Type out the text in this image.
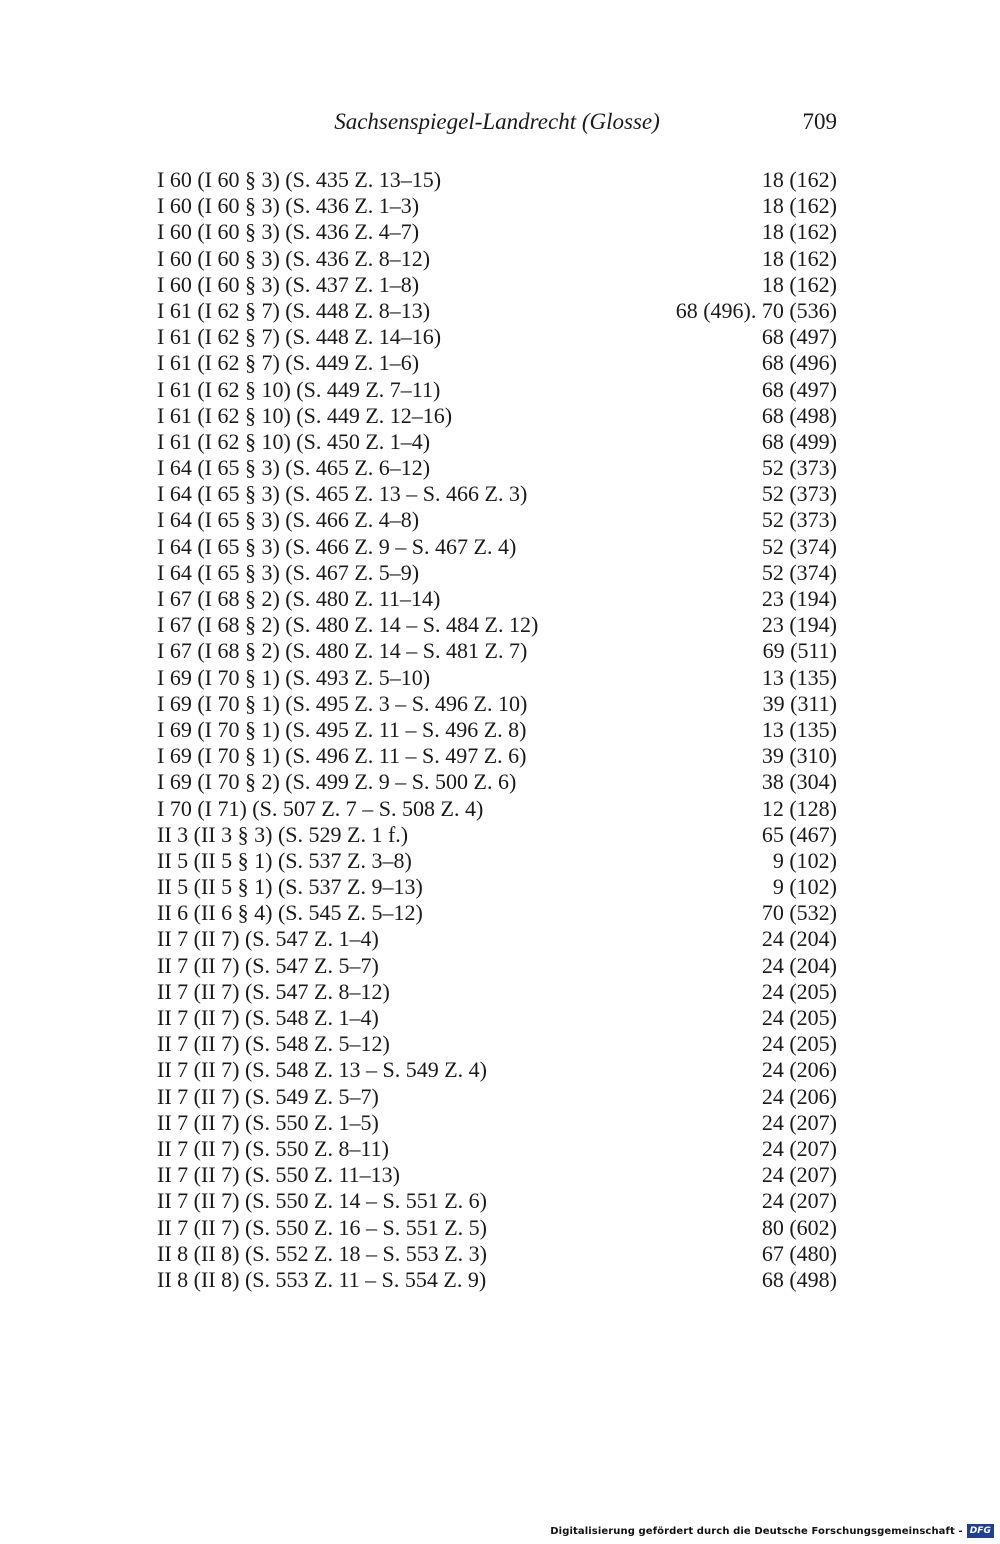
Sachsenspiegel-Landrecht (Glosse)	709
I 60 (I 60 § 3) (S. 435 Z. 13–15)	18 (162)
I 60 (I 60 § 3) (S. 436 Z. 1–3)	18 (162)
I 60 (I 60 § 3) (S. 436 Z. 4–7)	18 (162)
I 60 (I 60 § 3) (S. 436 Z. 8–12)	18 (162)
I 60 (I 60 § 3) (S. 437 Z. 1–8)	18 (162)
I 61 (I 62 § 7) (S. 448 Z. 8–13)	68 (496). 70 (536)
I 61 (I 62 § 7) (S. 448 Z. 14–16)	68 (497)
I 61 (I 62 § 7) (S. 449 Z. 1–6)	68 (496)
I 61 (I 62 § 10) (S. 449 Z. 7–11)	68 (497)
I 61 (I 62 § 10) (S. 449 Z. 12–16)	68 (498)
I 61 (I 62 § 10) (S. 450 Z. 1–4)	68 (499)
I 64 (I 65 § 3) (S. 465 Z. 6–12)	52 (373)
I 64 (I 65 § 3) (S. 465 Z. 13 – S. 466 Z. 3)	52 (373)
I 64 (I 65 § 3) (S. 466 Z. 4–8)	52 (373)
I 64 (I 65 § 3) (S. 466 Z. 9 – S. 467 Z. 4)	52 (374)
I 64 (I 65 § 3) (S. 467 Z. 5–9)	52 (374)
I 67 (I 68 § 2) (S. 480 Z. 11–14)	23 (194)
I 67 (I 68 § 2) (S. 480 Z. 14 – S. 484 Z. 12)	23 (194)
I 67 (I 68 § 2) (S. 480 Z. 14 – S. 481 Z. 7)	69 (511)
I 69 (I 70 § 1) (S. 493 Z. 5–10)	13 (135)
I 69 (I 70 § 1) (S. 495 Z. 3 – S. 496 Z. 10)	39 (311)
I 69 (I 70 § 1) (S. 495 Z. 11 – S. 496 Z. 8)	13 (135)
I 69 (I 70 § 1) (S. 496 Z. 11 – S. 497 Z. 6)	39 (310)
I 69 (I 70 § 2) (S. 499 Z. 9 – S. 500 Z. 6)	38 (304)
I 70 (I 71) (S. 507 Z. 7 – S. 508 Z. 4)	12 (128)
II 3 (II 3 § 3) (S. 529 Z. 1 f.)	65 (467)
II 5 (II 5 § 1) (S. 537 Z. 3–8)	9 (102)
II 5 (II 5 § 1) (S. 537 Z. 9–13)	9 (102)
II 6 (II 6 § 4) (S. 545 Z. 5–12)	70 (532)
II 7 (II 7) (S. 547 Z. 1–4)	24 (204)
II 7 (II 7) (S. 547 Z. 5–7)	24 (204)
II 7 (II 7) (S. 547 Z. 8–12)	24 (205)
II 7 (II 7) (S. 548 Z. 1–4)	24 (205)
II 7 (II 7) (S. 548 Z. 5–12)	24 (205)
II 7 (II 7) (S. 548 Z. 13 – S. 549 Z. 4)	24 (206)
II 7 (II 7) (S. 549 Z. 5–7)	24 (206)
II 7 (II 7) (S. 550 Z. 1–5)	24 (207)
II 7 (II 7) (S. 550 Z. 8–11)	24 (207)
II 7 (II 7) (S. 550 Z. 11–13)	24 (207)
II 7 (II 7) (S. 550 Z. 14 – S. 551 Z. 6)	24 (207)
II 7 (II 7) (S. 550 Z. 16 – S. 551 Z. 5)	80 (602)
II 8 (II 8) (S. 552 Z. 18 – S. 553 Z. 3)	67 (480)
II 8 (II 8) (S. 553 Z. 11 – S. 554 Z. 9)	68 (498)
Digitalisierung gefördert durch die Deutsche Forschungsgemeinschaft - DFG
